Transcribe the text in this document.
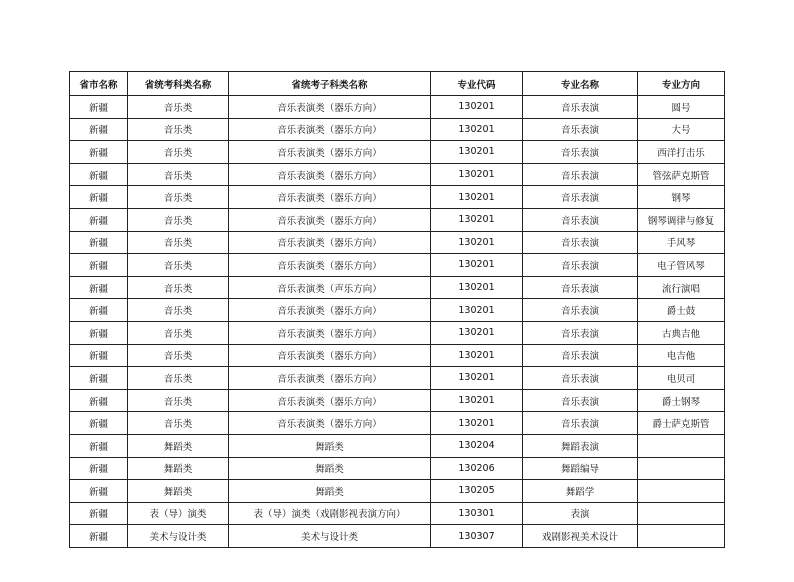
省市名称	省统考科类名称	省统考子科类名称	专业代码	专业名称	专业方向
新疆	音乐类	音乐表演类（器乐方向）	130201	音乐表演	圆号
新疆	音乐类	音乐表演类（器乐方向）	130201	音乐表演	大号
新疆	音乐类	音乐表演类（器乐方向）	130201	音乐表演	西洋打击乐
新疆	音乐类	音乐表演类（器乐方向）	130201	音乐表演	管弦萨克斯管
新疆	音乐类	音乐表演类（器乐方向）	130201	音乐表演	钢琴
新疆	音乐类	音乐表演类（器乐方向）	130201	音乐表演	钢琴调律与修复
新疆	音乐类	音乐表演类（器乐方向）	130201	音乐表演	手风琴
新疆	音乐类	音乐表演类（器乐方向）	130201	音乐表演	电子管风琴
新疆	音乐类	音乐表演类（声乐方向）	130201	音乐表演	流行演唱
新疆	音乐类	音乐表演类（器乐方向）	130201	音乐表演	爵士鼓
新疆	音乐类	音乐表演类（器乐方向）	130201	音乐表演	古典吉他
新疆	音乐类	音乐表演类（器乐方向）	130201	音乐表演	电吉他
新疆	音乐类	音乐表演类（器乐方向）	130201	音乐表演	电贝司
新疆	音乐类	音乐表演类（器乐方向）	130201	音乐表演	爵士钢琴
新疆	音乐类	音乐表演类（器乐方向）	130201	音乐表演	爵士萨克斯管
新疆	舞蹈类	舞蹈类	130204	舞蹈表演	
新疆	舞蹈类	舞蹈类	130206	舞蹈编导	
新疆	舞蹈类	舞蹈类	130205	舞蹈学	
新疆	表（导）演类	表（导）演类（戏剧影视表演方向）	130301	表演	
新疆	美术与设计类	美术与设计类	130307	戏剧影视美术设计	
